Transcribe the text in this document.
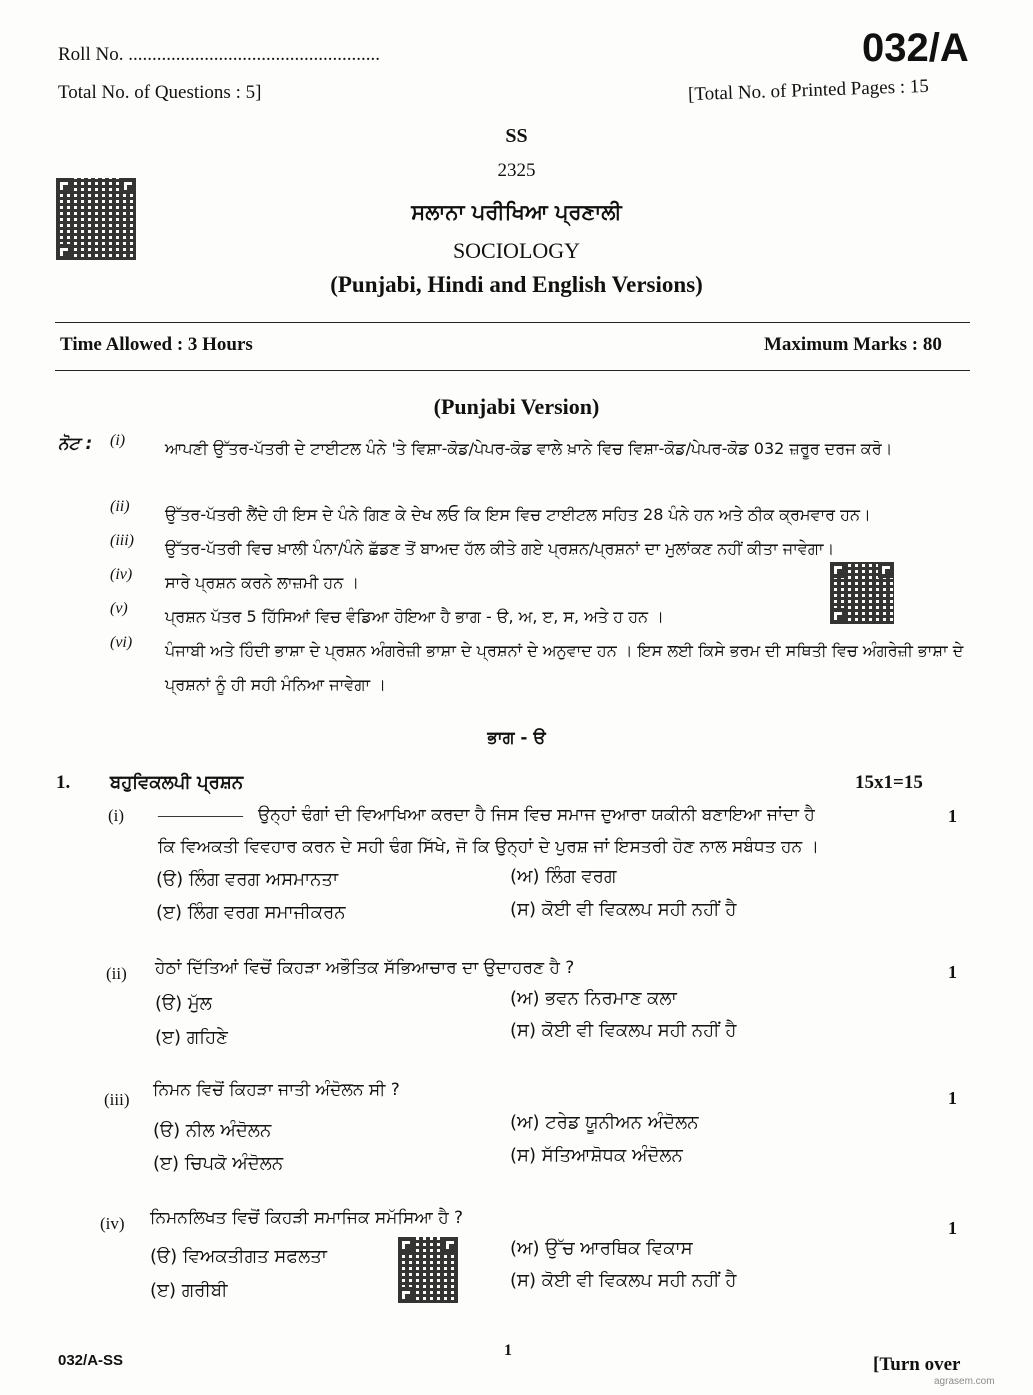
Roll No. .....................................................
Total No. of Questions : 5]
032/A
[Total No. of Printed Pages : 15
SS
2325
ਸਲਾਨਾ ਪਰੀਖਿਆ ਪ੍ਰਣਾਲੀ
SOCIOLOGY
(Punjabi, Hindi and English Versions)
Time Allowed : 3 Hours	Maximum Marks : 80
(Punjabi Version)
ਨੋਟ : (i)	ਆਪਣੀ ਉੱਤਰ-ਪੱਤਰੀ ਦੇ ਟਾਈਟਲ ਪੰਨੇ 'ਤੇ ਵਿਸ਼ਾ-ਕੋਡ/ਪੇਪਰ-ਕੋਡ ਵਾਲੇ ਖ਼ਾਨੇ ਵਿਚ ਵਿਸ਼ਾ-ਕੋਡ/ਪੇਪਰ-ਕੋਡ 032 ਜ਼ਰੂਰ ਦਰਜ ਕਰੋ।
(ii)	ਉੱਤਰ-ਪੱਤਰੀ ਲੈਂਦੇ ਹੀ ਇਸ ਦੇ ਪੰਨੇ ਗਿਣ ਕੇ ਦੇਖ ਲਓ ਕਿ ਇਸ ਵਿਚ ਟਾਈਟਲ ਸਹਿਤ 28 ਪੰਨੇ ਹਨ ਅਤੇ ਠੀਕ ਕ੍ਰਮਵਾਰ ਹਨ।
(iii)	ਉੱਤਰ-ਪੱਤਰੀ ਵਿਚ ਖ਼ਾਲੀ ਪੰਨਾ/ਪੰਨੇ ਛੱਡਣ ਤੋਂ ਬਾਅਦ ਹੱਲ ਕੀਤੇ ਗਏ ਪ੍ਰਸ਼ਨ/ਪ੍ਰਸ਼ਨਾਂ ਦਾ ਮੁਲਾਂਕਣ ਨਹੀਂ ਕੀਤਾ ਜਾਵੇਗਾ।
(iv)	ਸਾਰੇ ਪ੍ਰਸ਼ਨ ਕਰਨੇ ਲਾਜ਼ਮੀ ਹਨ ।
(v)	ਪ੍ਰਸ਼ਨ ਪੱਤਰ 5 ਹਿੱਸਿਆਂ ਵਿਚ ਵੰਡਿਆ ਹੋਇਆ ਹੈ ਭਾਗ - ੳ, ਅ, ੲ, ਸ, ਅਤੇ ਹ ਹਨ ।
(vi)	ਪੰਜਾਬੀ ਅਤੇ ਹਿੰਦੀ ਭਾਸ਼ਾ ਦੇ ਪ੍ਰਸ਼ਨ ਅੰਗਰੇਜ਼ੀ ਭਾਸ਼ਾ ਦੇ ਪ੍ਰਸ਼ਨਾਂ ਦੇ ਅਨੁਵਾਦ ਹਨ । ਇਸ ਲਈ ਕਿਸੇ ਭਰਮ ਦੀ ਸਥਿਤੀ ਵਿਚ ਅੰਗਰੇਜ਼ੀ ਭਾਸ਼ਾ ਦੇ ਪ੍ਰਸ਼ਨਾਂ ਨੂੰ ਹੀ ਸਹੀ ਮੰਨਿਆ ਜਾਵੇਗਾ ।
ਭਾਗ - ੳ
1. ਬਹੁਵਿਕਲਪੀ ਪ੍ਰਸ਼ਨ	15x1=15
(i) __________ ਉਨ੍ਹਾਂ ਢੰਗਾਂ ਦੀ ਵਿਆਖਿਆ ਕਰਦਾ ਹੈ ਜਿਸ ਵਿਚ ਸਮਾਜ ਦੁਆਰਾ ਯਕੀਨੀ ਬਣਾਇਆ ਜਾਂਦਾ ਹੈ
ਕਿ ਵਿਅਕਤੀ ਵਿਵਹਾਰ ਕਰਨ ਦੇ ਸਹੀ ਢੰਗ ਸਿੱਖੇ, ਜੋ ਕਿ ਉਨ੍ਹਾਂ ਦੇ ਪੁਰਸ਼ ਜਾਂ ਇਸਤਰੀ ਹੋਣ ਨਾਲ ਸਬੰਧਤ ਹਨ ।
1
(ੳ) ਲਿੰਗ ਵਰਗ ਅਸਮਾਨਤਾ	(ਅ) ਲਿੰਗ ਵਰਗ
(ੲ) ਲਿੰਗ ਵਰਗ ਸਮਾਜੀਕਰਨ	(ਸ) ਕੋਈ ਵੀ ਵਿਕਲਪ ਸਹੀ ਨਹੀਂ ਹੈ
(ii) ਹੇਠਾਂ ਦਿੱਤਿਆਂ ਵਿਚੋਂ ਕਿਹੜਾ ਅਭੌਤਿਕ ਸੱਭਿਆਚਾਰ ਦਾ ਉਦਾਹਰਣ ਹੈ ?	1
(ੳ) ਮੁੱਲ	(ਅ) ਭਵਨ ਨਿਰਮਾਣ ਕਲਾ
(ੲ) ਗਹਿਣੇ	(ਸ) ਕੋਈ ਵੀ ਵਿਕਲਪ ਸਹੀ ਨਹੀਂ ਹੈ
(iii) ਨਿਮਨ ਵਿਚੋਂ ਕਿਹੜਾ ਜਾਤੀ ਅੰਦੋਲਨ ਸੀ ?	1
(ੳ) ਨੀਲ ਅੰਦੋਲਨ	(ਅ) ਟਰੇਡ ਯੂਨੀਅਨ ਅੰਦੋਲਨ
(ੲ) ਚਿਪਕੋ ਅੰਦੋਲਨ	(ਸ) ਸੱਤਿਆਸ਼ੋਧਕ ਅੰਦੋਲਨ
(iv) ਨਿਮਨਲਿਖਤ ਵਿਚੋਂ ਕਿਹੜੀ ਸਮਾਜਿਕ ਸਮੱਸਿਆ ਹੈ ?	1
(ੳ) ਵਿਅਕਤੀਗਤ ਸਫਲਤਾ	(ਅ) ਉੱਚ ਆਰਥਿਕ ਵਿਕਾਸ
(ੲ) ਗਰੀਬੀ	(ਸ) ਕੋਈ ਵੀ ਵਿਕਲਪ ਸਹੀ ਨਹੀਂ ਹੈ
032/A-SS
1
[Turn over
agrasem.com
